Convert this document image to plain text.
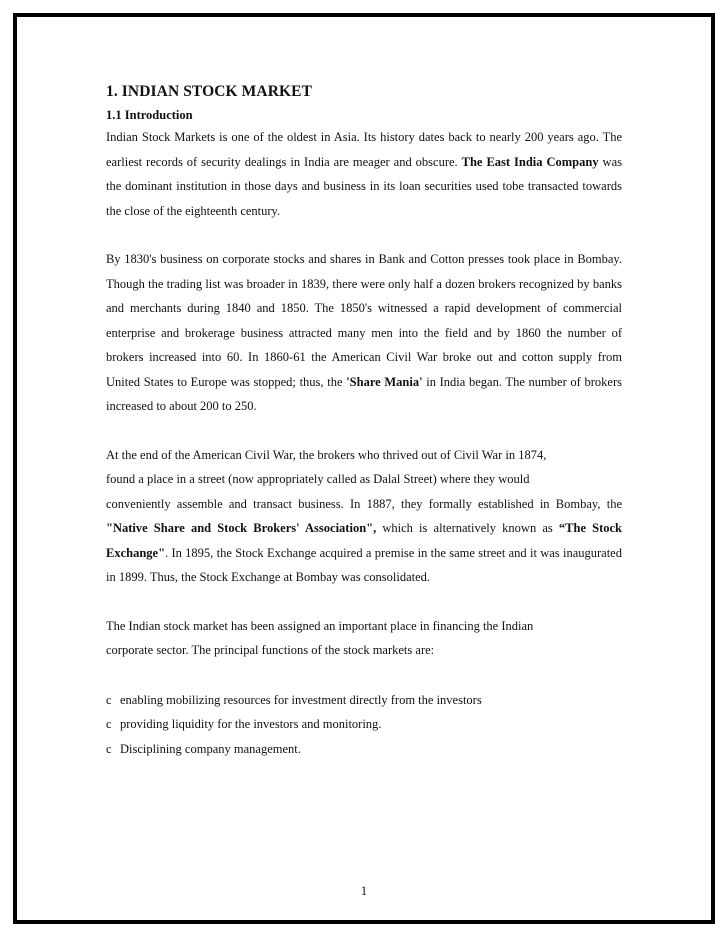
1. INDIAN STOCK MARKET
1.1 Introduction

Indian Stock Markets is one of the oldest in Asia. Its history dates back to nearly 200 years ago. The earliest records of security dealings in India are meager and obscure. The East India Company was the dominant institution in those days and business in its loan securities used tobe transacted towards the close of the eighteenth century.

By 1830's business on corporate stocks and shares in Bank and Cotton presses took place in Bombay. Though the trading list was broader in 1839, there were only half a dozen brokers recognized by banks and merchants during 1840 and 1850. The 1850's witnessed a rapid development of commercial enterprise and brokerage business attracted many men into the field and by 1860 the number of brokers increased into 60. In 1860-61 the American Civil War broke out and cotton supply from United States to Europe was stopped; thus, the 'Share Mania' in India began. The number of brokers increased to about 200 to 250.

At the end of the American Civil War, the brokers who thrived out of Civil War in 1874,

found a place in a street (now appropriately called as Dalal Street) where they would

conveniently assemble and transact business. In 1887, they formally established in Bombay, the "Native Share and Stock Brokers' Association", which is alternatively known as “The Stock Exchange". In 1895, the Stock Exchange acquired a premise in the same street and it was inaugurated in 1899. Thus, the Stock Exchange at Bombay was consolidated.

The Indian stock market has been assigned an important place in financing the Indian

corporate sector. The principal functions of the stock markets are:

c enabling mobilizing resources for investment directly from the investors
c providing liquidity for the investors and monitoring.
c Disciplining company management.
1
